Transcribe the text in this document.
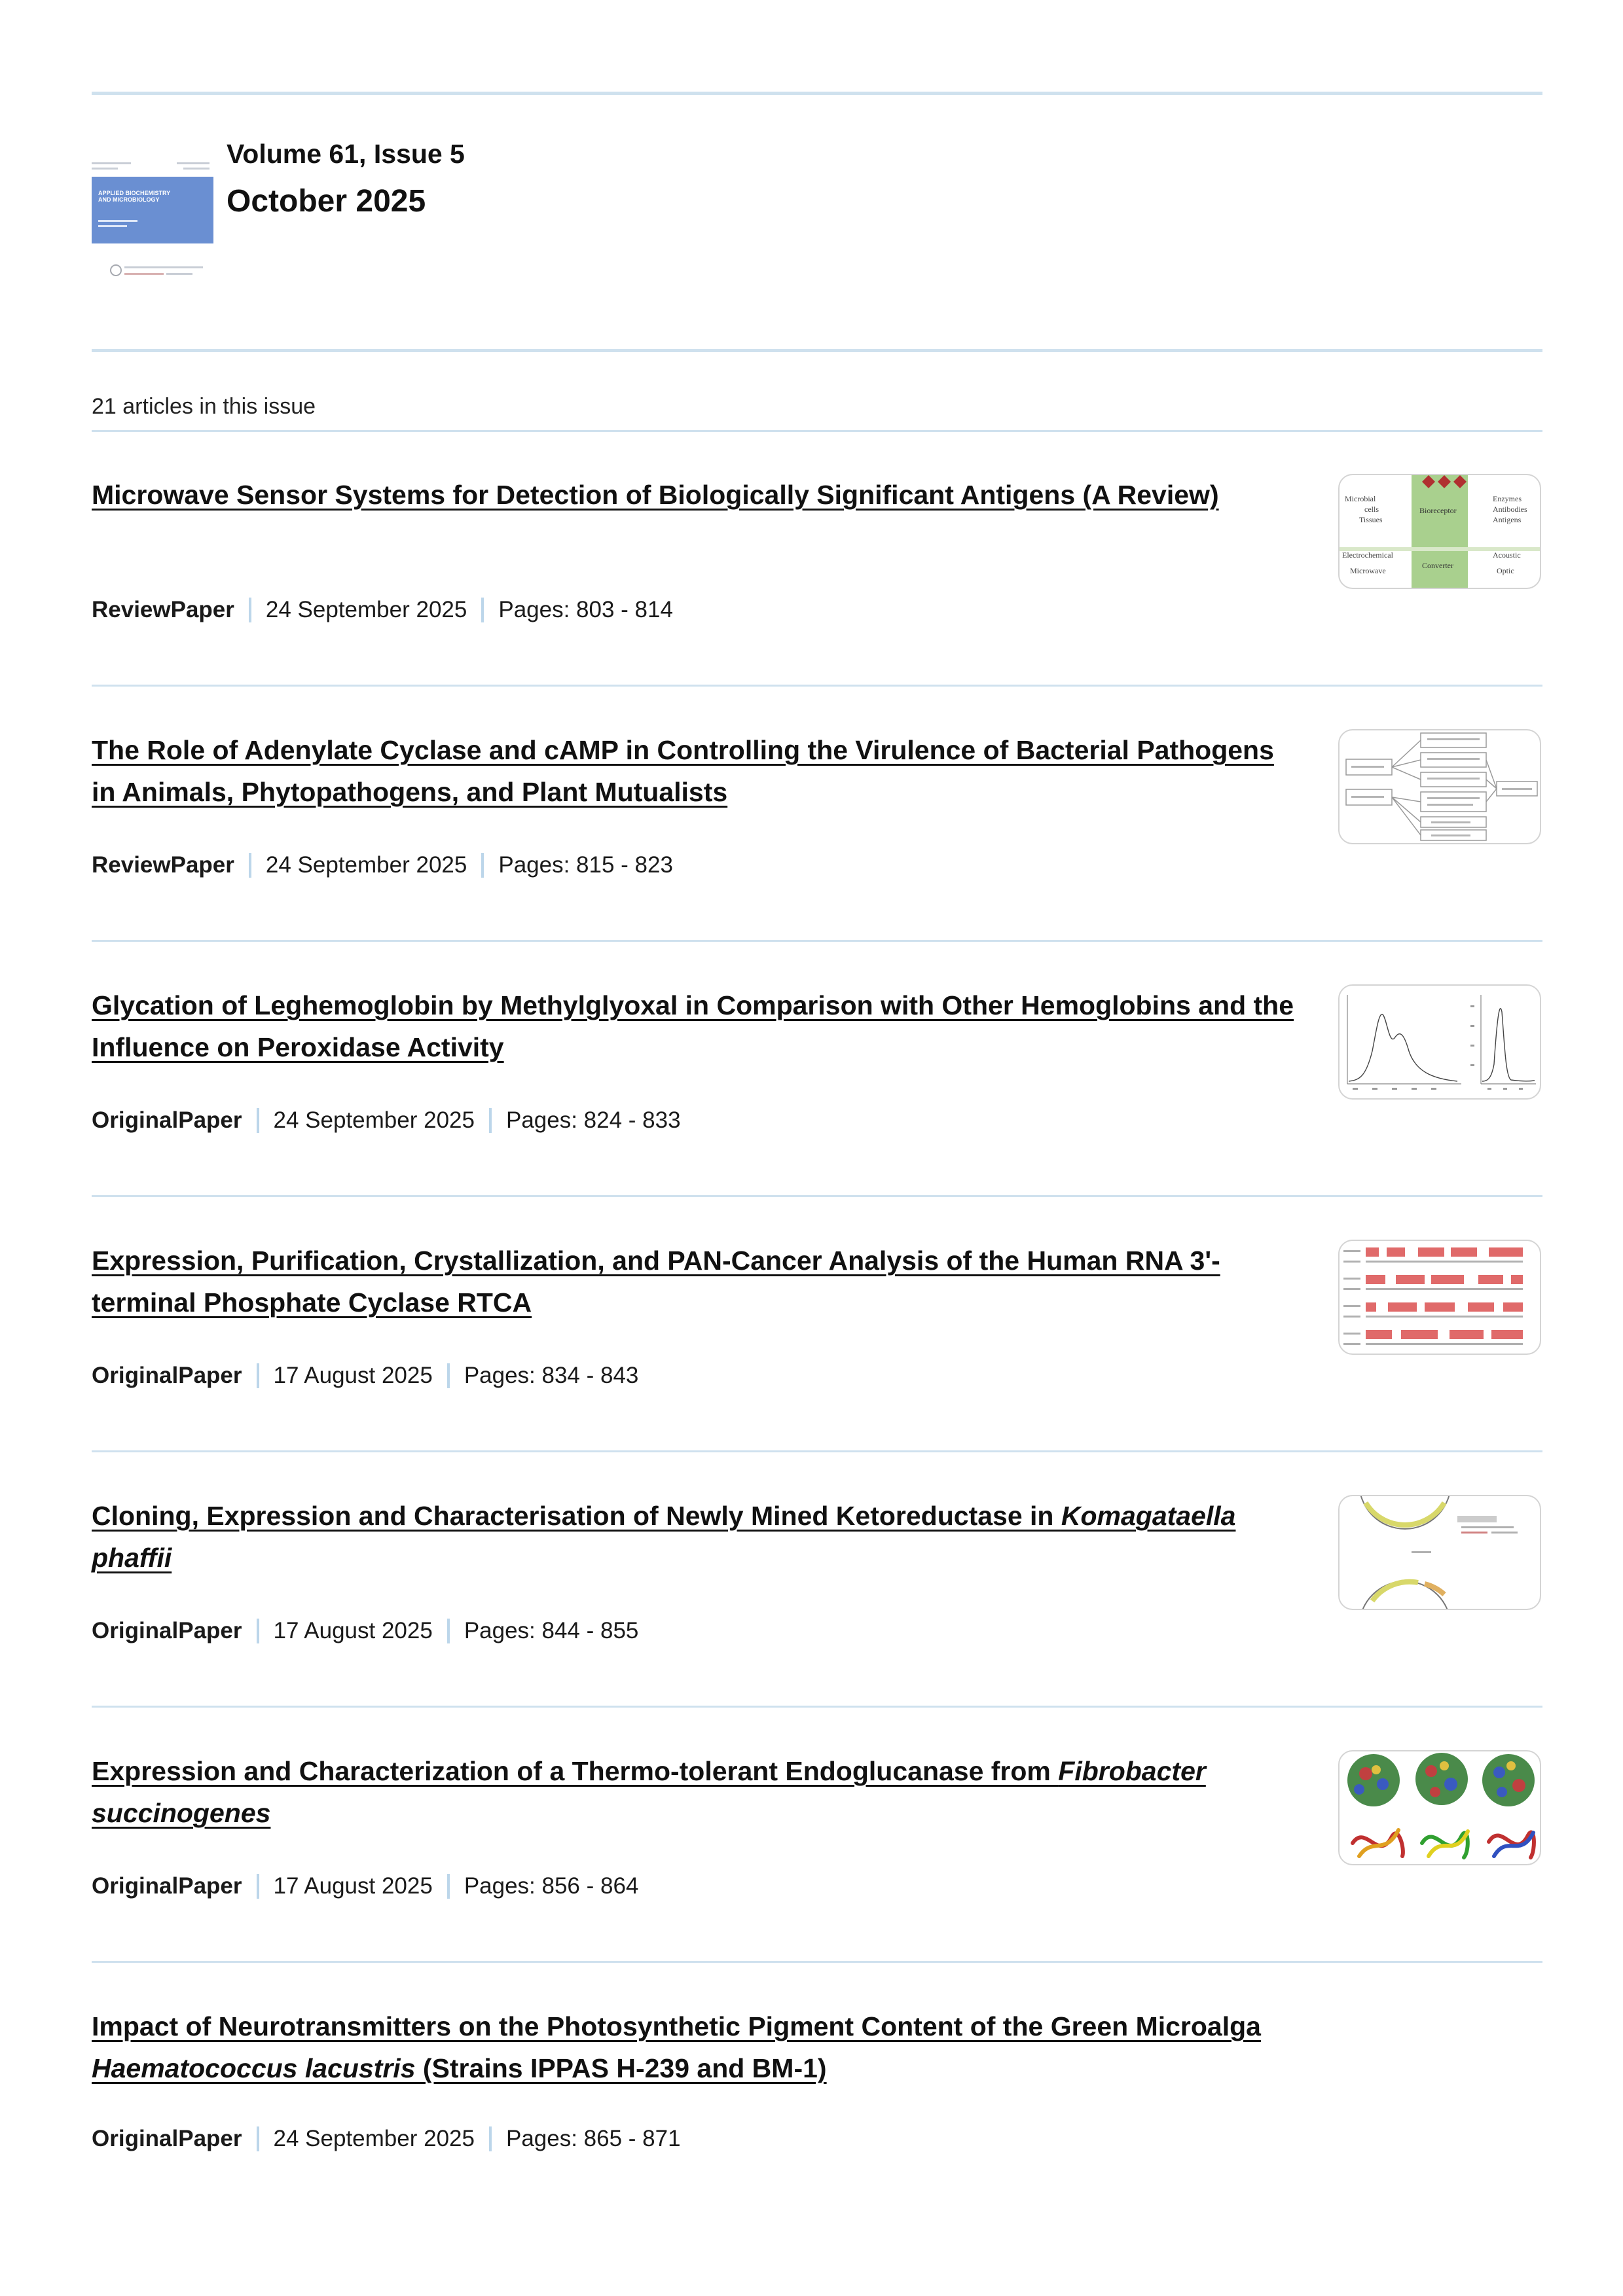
APPLIED BIOCHEMISTRY AND MICROBIOLOGY
Volume 61, Issue 5
October 2025
21 articles in this issue
Microwave Sensor Systems for Detection of Biologically Significant Antigens (A Review)	Microbial
cells
Tissues
Bioreceptor
Enzymes
Antibodies
Antigens
Electrochemical
Microwave
Converter
Acoustic
Optic
ReviewPaper 24 September 2025 Pages: 803 - 814
The Role of Adenylate Cyclase and cAMP in Controlling the Virulence of Bacterial Pathogens in Animals, Phytopathogens, and Plant Mutualists
ReviewPaper 24 September 2025 Pages: 815 - 823
Glycation of Leghemoglobin by Methylglyoxal in Comparison with Other Hemoglobins and the Influence on Peroxidase Activity
OriginalPaper 24 September 2025 Pages: 824 - 833
Expression, Purification, Crystallization, and PAN-Cancer Analysis of the Human RNA 3'-terminal Phosphate Cyclase RTCA
OriginalPaper 17 August 2025 Pages: 834 - 843
Cloning, Expression and Characterisation of Newly Mined Ketoreductase in Komagataella phaffii
OriginalPaper 17 August 2025 Pages: 844 - 855
Expression and Characterization of a Thermo-tolerant Endoglucanase from Fibrobacter succinogenes
OriginalPaper 17 August 2025 Pages: 856 - 864
Impact of Neurotransmitters on the Photosynthetic Pigment Content of the Green Microalga Haematococcus lacustris (Strains IPPAS H-239 and BM-1)
OriginalPaper 24 September 2025 Pages: 865 - 871
